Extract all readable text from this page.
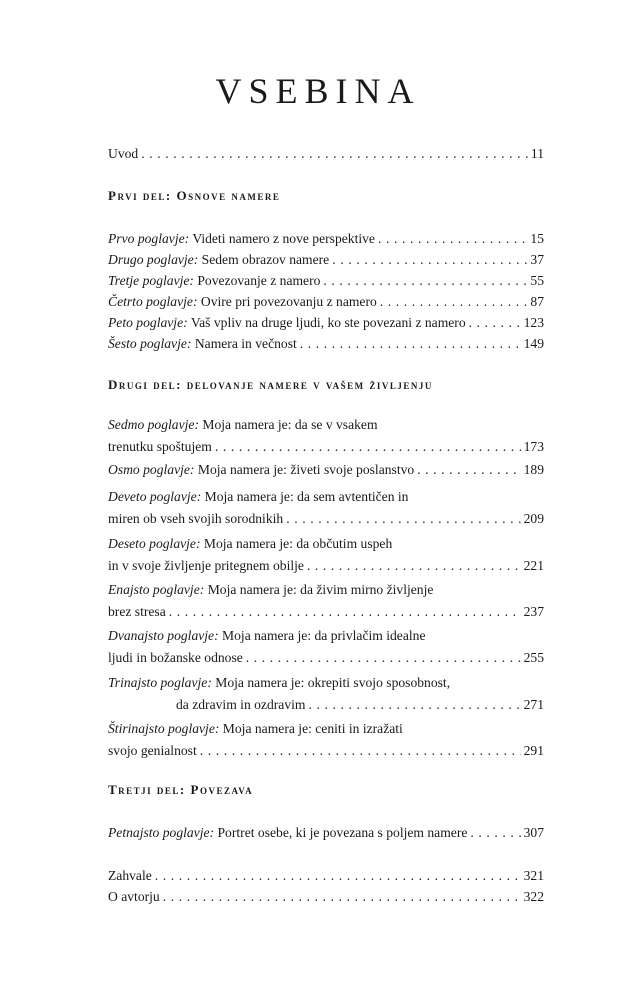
VSEBINA
Uvod . . .	11
Prvi del: Osnove namere
Prvo poglavje: Videti namero z nove perspektive . . .	15
Drugo poglavje: Sedem obrazov namere . . .	37
Tretje poglavje: Povezovanje z namero . . .	55
Četrto poglavje: Ovire pri povezovanju z namero . . .	87
Peto poglavje: Vaš vpliv na druge ljudi, ko ste povezani z namero . . .	123
Šesto poglavje: Namera in večnost . . .	149
Drugi del: delovanje namere v vašem življenju
Sedmo poglavje: Moja namera je: da se v vsakem
trenutku spoštujem . . .	173
Osmo poglavje: Moja namera je: živeti svoje poslanstvo . . .	189
Deveto poglavje: Moja namera je: da sem avtentičen in
miren ob vseh svojih sorodnikih . . .	209
Deseto poglavje: Moja namera je: da občutim uspeh
in v svoje življenje pritegnem obilje . . .	221
Enajsto poglavje: Moja namera je: da živim mirno življenje
brez stresa . . .	237
Dvanajsto poglavje: Moja namera je: da privlačim idealne
ljudi in božanske odnose . . .	255
Trinajsto poglavje: Moja namera je: okrepiti svojo sposobnost,
da zdravim in ozdravim . . .	271
Štirinajsto poglavje: Moja namera je: ceniti in izražati
svojo genialnost . . .	291
Tretji del: Povezava
Petnajsto poglavje: Portret osebe, ki je povezana s poljem namere . . .	307
Zahvale . . .	321
O avtorju . . .	322
